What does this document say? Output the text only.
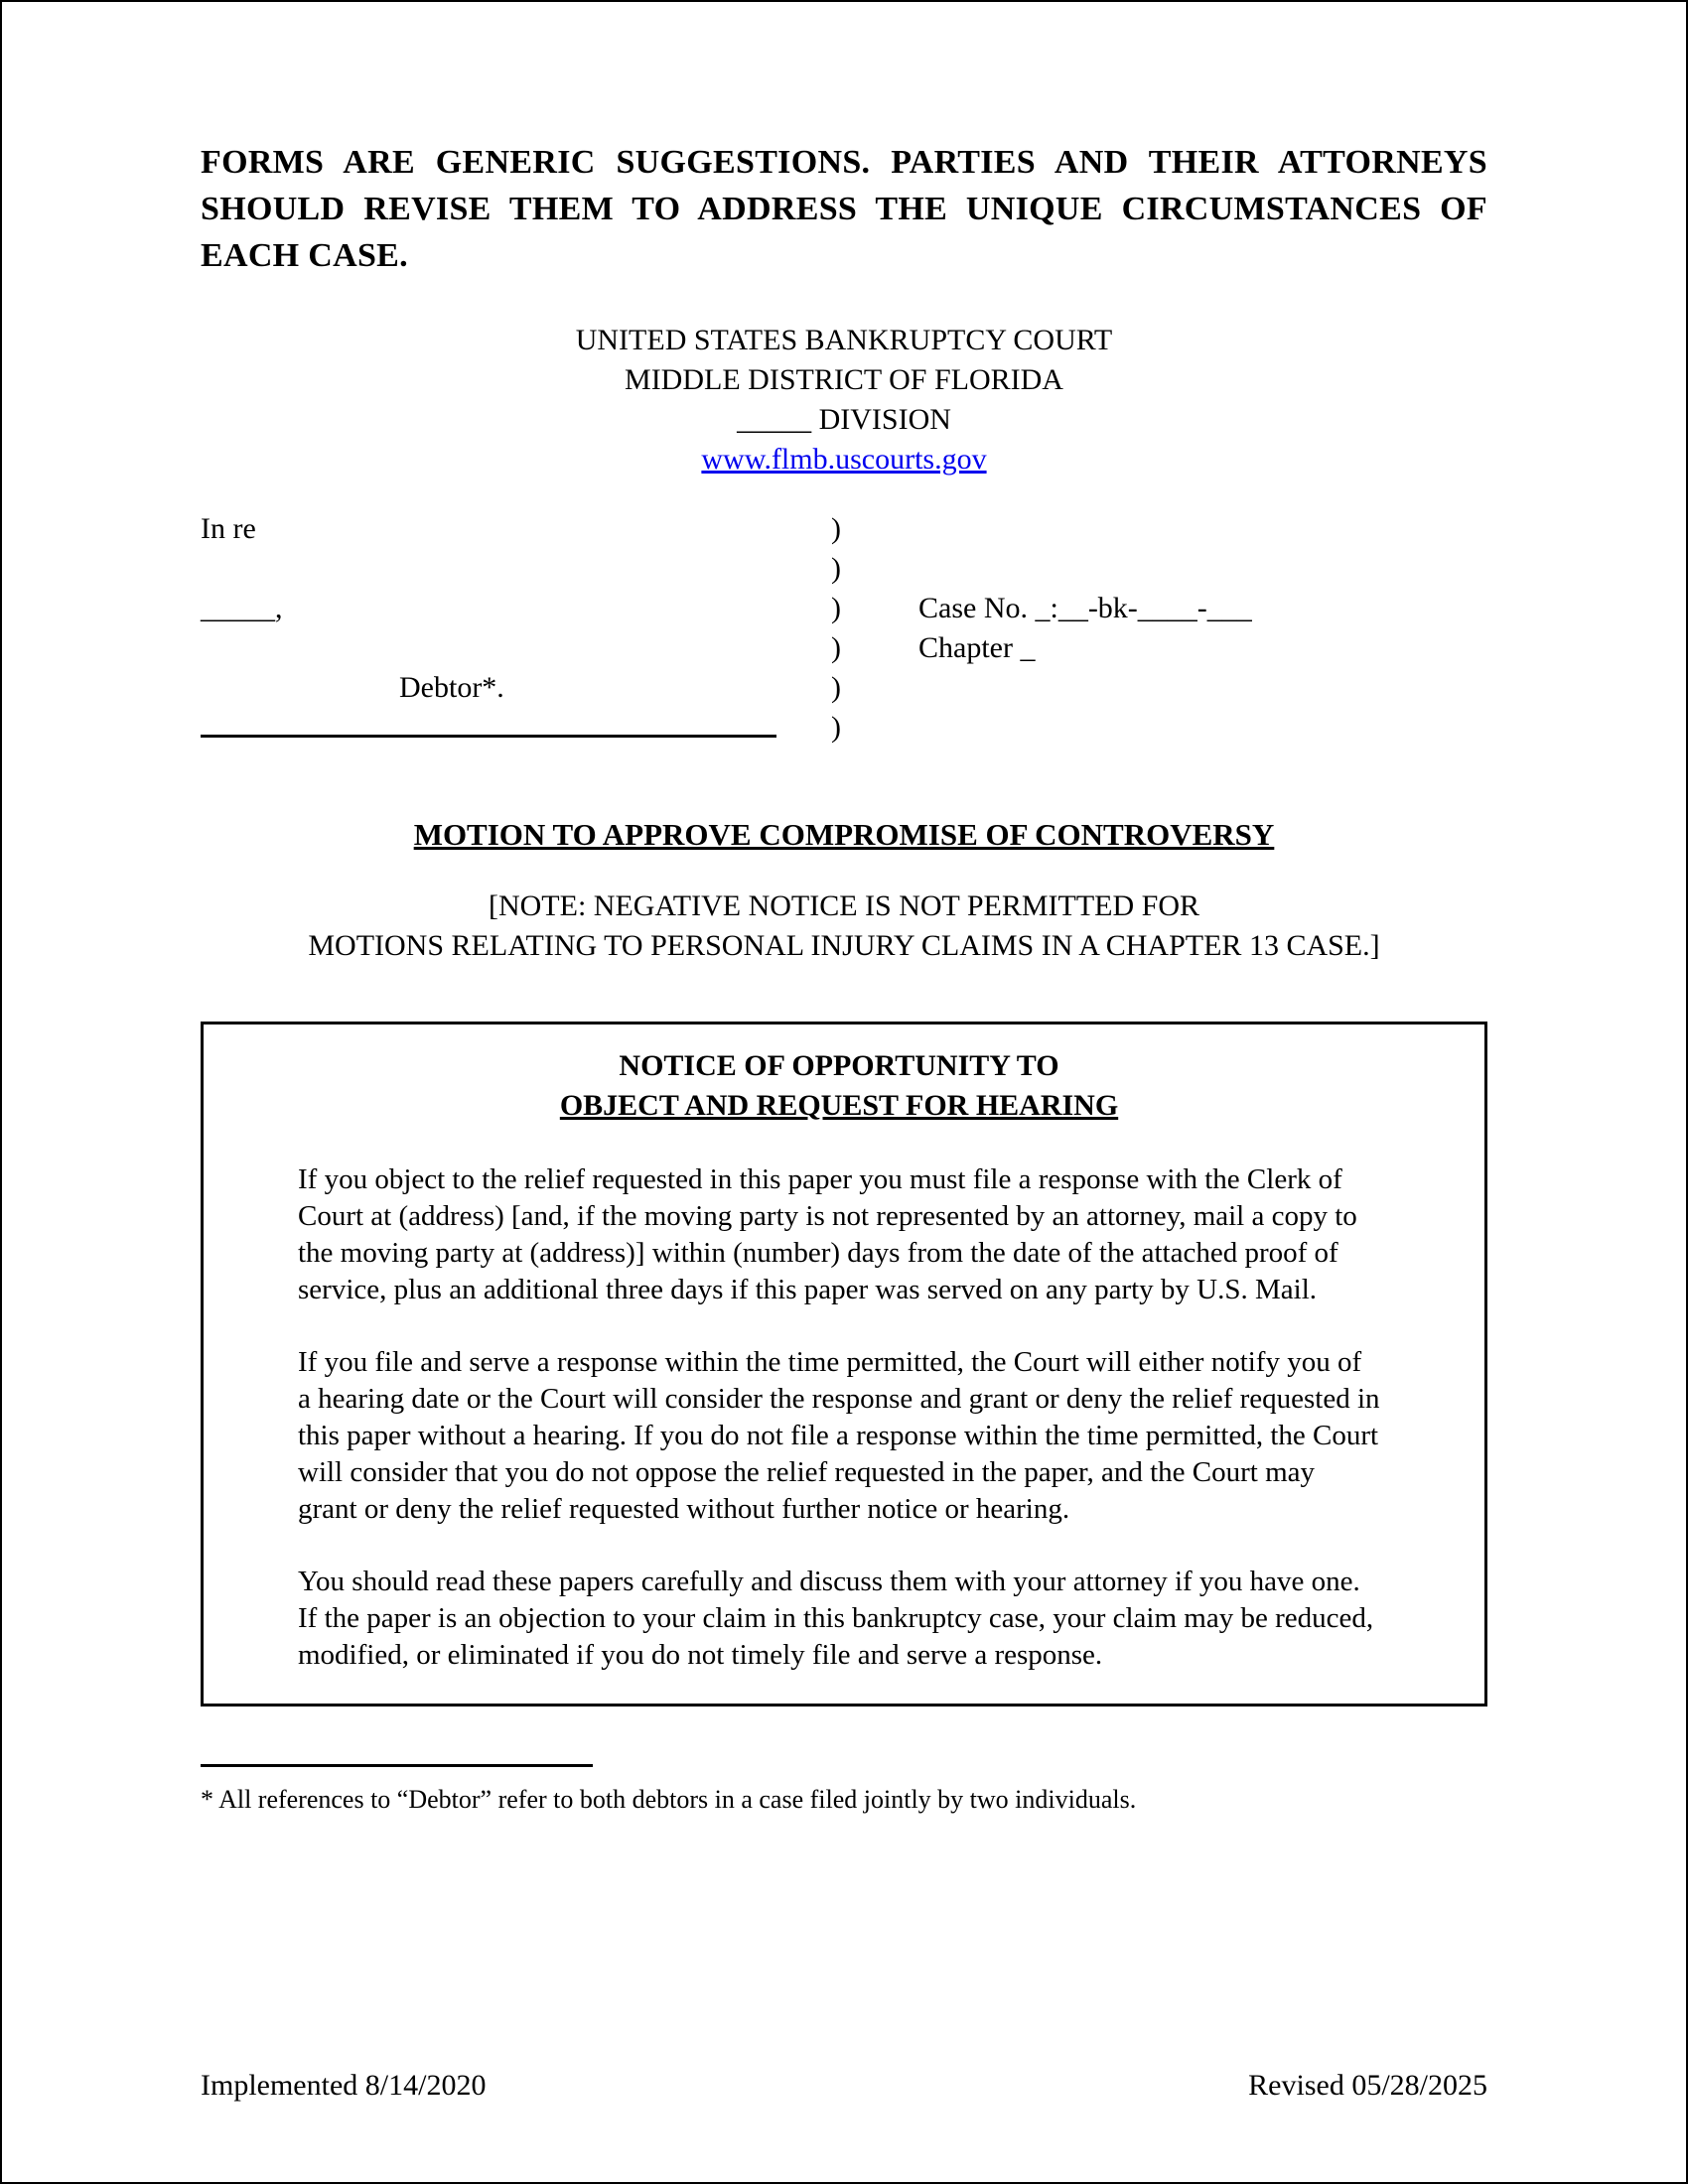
FORMS ARE GENERIC SUGGESTIONS. PARTIES AND THEIR ATTORNEYS SHOULD REVISE THEM TO ADDRESS THE UNIQUE CIRCUMSTANCES OF EACH CASE.
UNITED STATES BANKRUPTCY COURT
MIDDLE DISTRICT OF FLORIDA
_____ DIVISION
www.flmb.uscourts.gov
In re
_____,
Debtor*.
)
)
)
)
)
)
Case No. _:__-bk-____-___
Chapter _
MOTION TO APPROVE COMPROMISE OF CONTROVERSY
[NOTE: NEGATIVE NOTICE IS NOT PERMITTED FOR
MOTIONS RELATING TO PERSONAL INJURY CLAIMS IN A CHAPTER 13 CASE.]
NOTICE OF OPPORTUNITY TO
OBJECT AND REQUEST FOR HEARING

If you object to the relief requested in this paper you must file a response with the Clerk of Court at (address) [and, if the moving party is not represented by an attorney, mail a copy to the moving party at (address)] within (number) days from the date of the attached proof of service, plus an additional three days if this paper was served on any party by U.S. Mail.

If you file and serve a response within the time permitted, the Court will either notify you of a hearing date or the Court will consider the response and grant or deny the relief requested in this paper without a hearing. If you do not file a response within the time permitted, the Court will consider that you do not oppose the relief requested in the paper, and the Court may grant or deny the relief requested without further notice or hearing.

You should read these papers carefully and discuss them with your attorney if you have one. If the paper is an objection to your claim in this bankruptcy case, your claim may be reduced, modified, or eliminated if you do not timely file and serve a response.

* All references to “Debtor” refer to both debtors in a case filed jointly by two individuals.
Implemented 8/14/2020	Revised 05/28/2025
